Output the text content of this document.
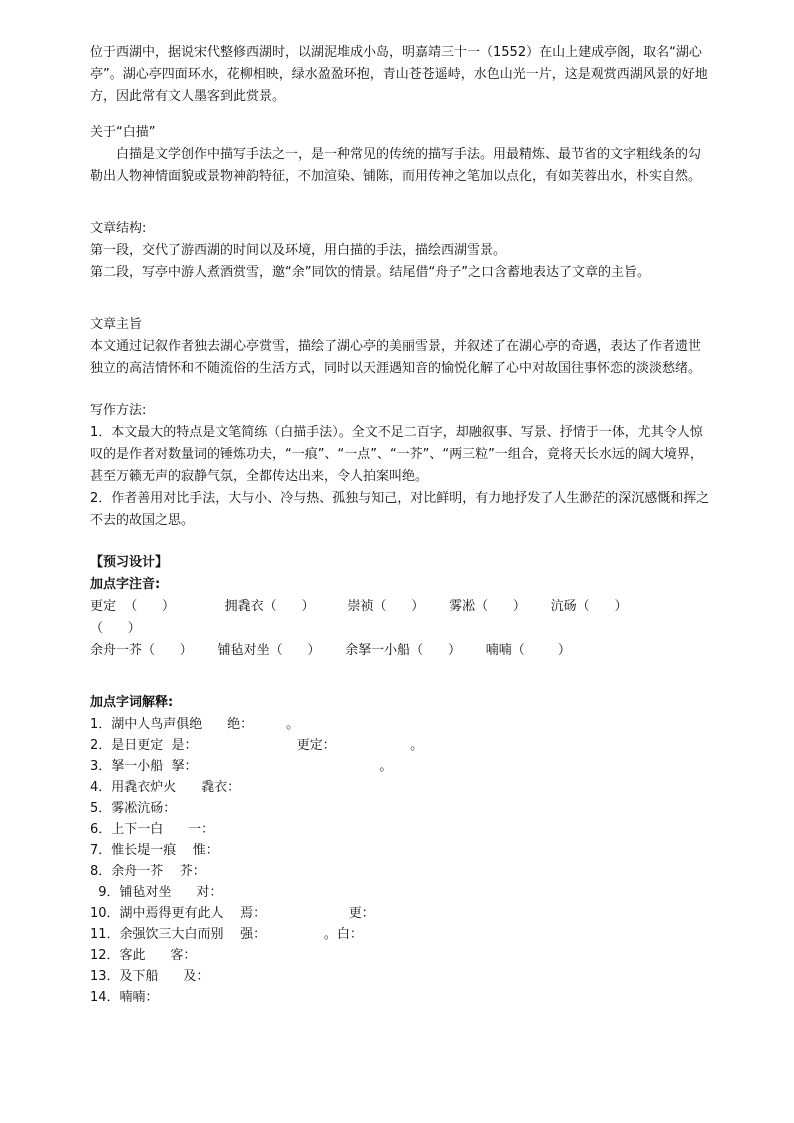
位于西湖中，据说宋代整修西湖时，以湖泥堆成小岛，明嘉靖三十一（1552）在山上建成亭阁，取名“湖心亭”。湖心亭四面环水，花柳相映，绿水盈盈环抱，青山苍苍遥峙，水色山光一片，这是观赏西湖风景的好地方，因此常有文人墨客到此赏景。

关于“白描”

白描是文学创作中描写手法之一，是一种常见的传统的描写手法。用最精炼、最节省的文字粗线条的勾勒出人物神情面貌或景物神韵特征，不加渲染、铺陈，而用传神之笔加以点化，有如芙蓉出水，朴实自然。

文章结构:

第一段，交代了游西湖的时间以及环境，用白描的手法，描绘西湖雪景。

第二段，写亭中游人煮酒赏雪，邀“余”同饮的情景。结尾借“舟子”之口含蓄地表达了文章的主旨。

文章主旨

本文通过记叙作者独去湖心亭赏雪，描绘了湖心亭的美丽雪景，并叙述了在湖心亭的奇遇，表达了作者遗世独立的高洁情怀和不随流俗的生活方式，同时以天涯遇知音的愉悦化解了心中对故国往事怀恋的淡淡愁绪。

写作方法:

1．本文最大的特点是文笔简练（白描手法）。全文不足二百字，却融叙事、写景、抒情于一体，尤其令人惊叹的是作者对数量词的锤炼功夫，“一痕”、“一点”、“一芥”、“两三粒”一组合，竟将天长水远的阔大境界，甚至万籁无声的寂静气氛，全都传达出来，令人拍案叫绝。

2．作者善用对比手法，大与小、冷与热、孤独与知己，对比鲜明，有力地抒发了人生渺茫的深沉感慨和挥之不去的故国之思。

【预习设计】

加点字注音:

更定  （      ）            拥毳衣（      ）        崇祯（      ）      雾凇（      ）      沆砀（      ）
（      ）
余舟一芥（      ）      铺毡对坐（      ）      余拏一小船（      ）      喃喃（        ）

加点字词解释:

1．湖中人鸟声俱绝      绝：        。
2．是日更定  是：                        更定：                  。
3．拏一小船  拏：                                            。
4．用毳衣炉火      毳衣：
5．雾凇沆砀：
6．上下一白      一：
7．惟长堤一痕    惟：
8．余舟一芥    芥：
9．铺毡对坐      对：
10．湖中焉得更有此人    焉：                    更：
11．余强饮三大白而别    强：              。白：
12．客此      客：
13．及下船      及：
14．喃喃：
